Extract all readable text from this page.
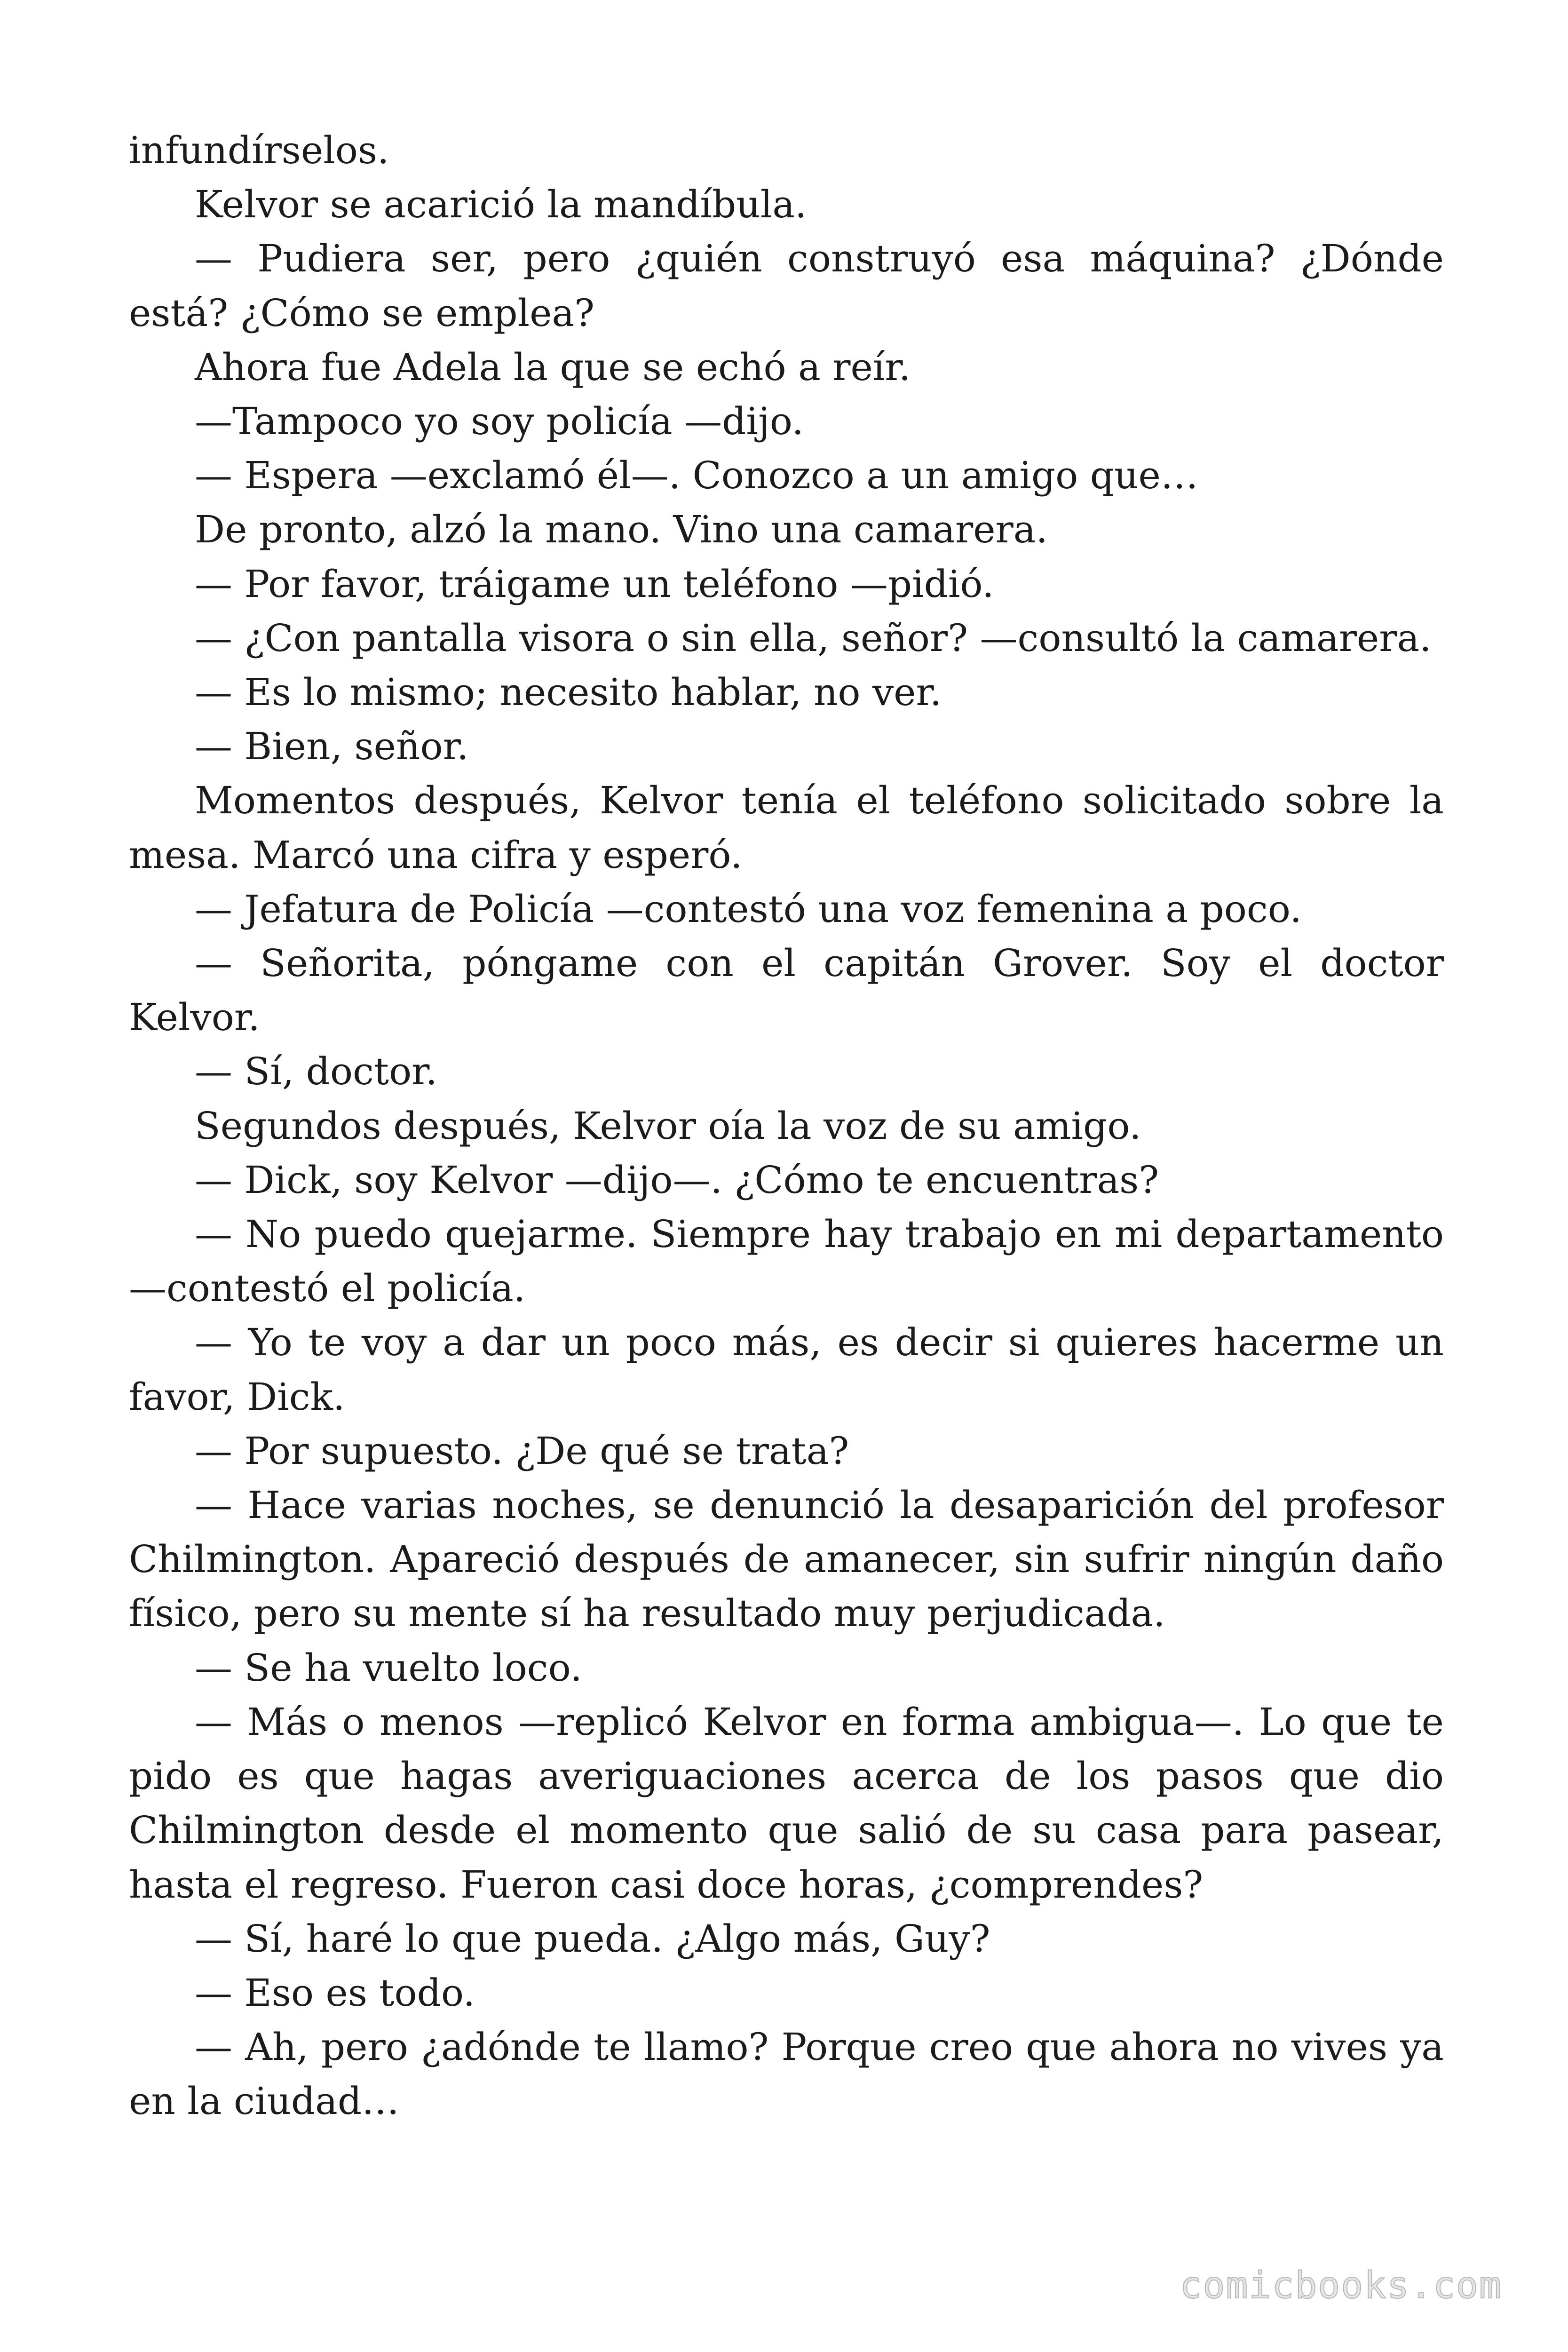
infundírselos.

Kelvor se acarició la mandíbula.

— Pudiera ser, pero ¿quién construyó esa máquina? ¿Dónde está? ¿Cómo se emplea?

Ahora fue Adela la que se echó a reír.

—Tampoco yo soy policía —dijo.

— Espera —exclamó él—. Conozco a un amigo que…

De pronto, alzó la mano. Vino una camarera.

— Por favor, tráigame un teléfono —pidió.

— ¿Con pantalla visora o sin ella, señor? —consultó la camarera.

— Es lo mismo; necesito hablar, no ver.

— Bien, señor.

Momentos después, Kelvor tenía el teléfono solicitado sobre la mesa. Marcó una cifra y esperó.

— Jefatura de Policía —contestó una voz femenina a poco.

— Señorita, póngame con el capitán Grover. Soy el doctor Kelvor.

— Sí, doctor.

Segundos después, Kelvor oía la voz de su amigo.

— Dick, soy Kelvor —dijo—. ¿Cómo te encuentras?

— No puedo quejarme. Siempre hay trabajo en mi departamento —contestó el policía.

— Yo te voy a dar un poco más, es decir si quieres hacerme un favor, Dick.

— Por supuesto. ¿De qué se trata?

— Hace varias noches, se denunció la desaparición del profesor Chilmington. Apareció después de amanecer, sin sufrir ningún daño físico, pero su mente sí ha resultado muy perjudicada.

— Se ha vuelto loco.

— Más o menos —replicó Kelvor en forma ambigua—. Lo que te pido es que hagas averiguaciones acerca de los pasos que dio Chilmington desde el momento que salió de su casa para pasear, hasta el regreso. Fueron casi doce horas, ¿comprendes?

— Sí, haré lo que pueda. ¿Algo más, Guy?

— Eso es todo.

— Ah, pero ¿adónde te llamo? Porque creo que ahora no vives ya en la ciudad…

comicbooks.com
